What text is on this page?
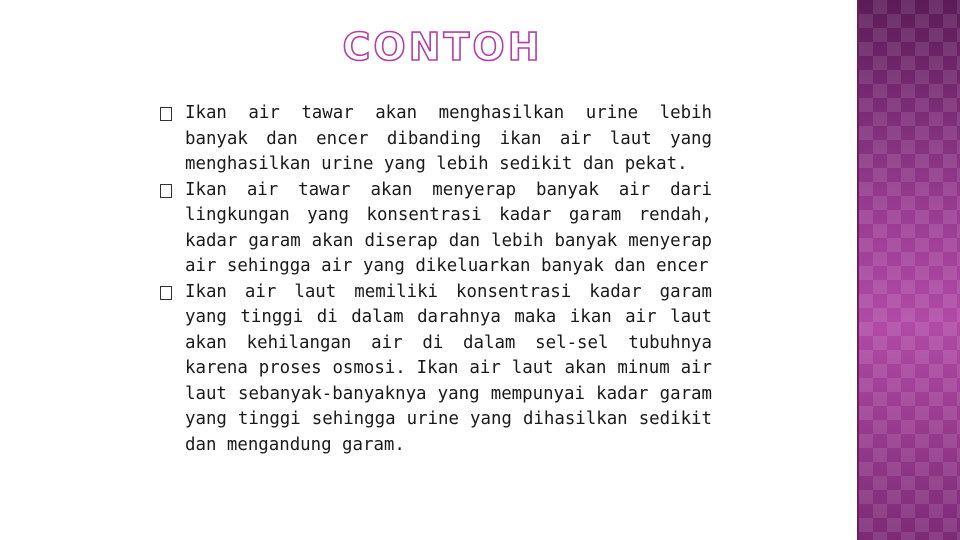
CONTOH
Ikan air tawar akan menghasilkan urine lebih banyak dan encer dibanding ikan air laut yang menghasilkan urine yang lebih sedikit dan pekat.
Ikan air tawar akan menyerap banyak air dari lingkungan yang konsentrasi kadar garam rendah, kadar garam akan diserap dan lebih banyak menyerap air sehingga air yang dikeluarkan banyak dan encer
Ikan air laut memiliki konsentrasi kadar garam yang tinggi di dalam darahnya maka ikan air laut akan kehilangan air di dalam sel-sel tubuhnya karena proses osmosi. Ikan air laut akan minum air laut sebanyak-banyaknya yang mempunyai kadar garam yang tinggi sehingga urine yang dihasilkan sedikit dan mengandung garam.
